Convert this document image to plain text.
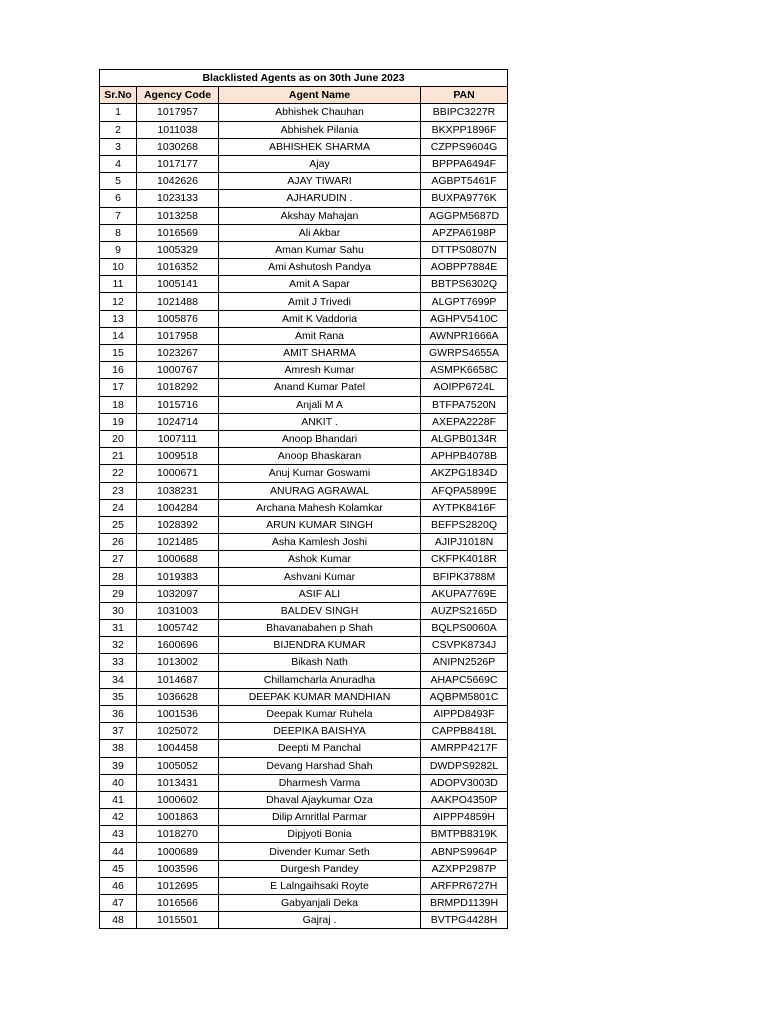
Blacklisted Agents as on 30th June 2023			
Sr.No	Agency Code	Agent Name	PAN
1	1017957	Abhishek Chauhan	BBIPC3227R
2	1011038	Abhishek Pilania	BKXPP1896F
3	1030268	ABHISHEK SHARMA	CZPPS9604G
4	1017177	Ajay	BPPPA6494F
5	1042626	AJAY TIWARI	AGBPT5461F
6	1023133	AJHARUDIN .	BUXPA9776K
7	1013258	Akshay Mahajan	AGGPM5687D
8	1016569	Ali Akbar	APZPA6198P
9	1005329	Aman Kumar Sahu	DTTPS0807N
10	1016352	Ami Ashutosh Pandya	AOBPP7884E
11	1005141	Amit A Sapar	BBTPS6302Q
12	1021488	Amit J Trivedi	ALGPT7699P
13	1005876	Amit K Vaddoria	AGHPV5410C
14	1017958	Amit Rana	AWNPR1666A
15	1023267	AMIT SHARMA	GWRPS4655A
16	1000767	Amresh Kumar	ASMPK6658C
17	1018292	Anand Kumar Patel	AOIPP6724L
18	1015716	Anjali M A	BTFPA7520N
19	1024714	ANKIT .	AXEPA2228F
20	1007111	Anoop Bhandari	ALGPB0134R
21	1009518	Anoop Bhaskaran	APHPB4078B
22	1000671	Anuj Kumar Goswami	AKZPG1834D
23	1038231	ANURAG AGRAWAL	AFQPA5899E
24	1004284	Archana Mahesh Kolamkar	AYTPK8416F
25	1028392	ARUN KUMAR SINGH	BEFPS2820Q
26	1021485	Asha Kamlesh Joshi	AJIPJ1018N
27	1000688	Ashok Kumar	CKFPK4018R
28	1019383	Ashvani Kumar	BFIPK3788M
29	1032097	ASIF ALI	AKUPA7769E
30	1031003	BALDEV SINGH	AUZPS2165D
31	1005742	Bhavanabahen p Shah	BQLPS0060A
32	1600696	BIJENDRA KUMAR	CSVPK8734J
33	1013002	Bikash Nath	ANIPN2526P
34	1014687	Chillamcharla Anuradha	AHAPC5669C
35	1036628	DEEPAK KUMAR MANDHIAN	AQBPM5801C
36	1001536	Deepak Kumar Ruhela	AIPPD8493F
37	1025072	DEEPIKA BAISHYA	CAPPB8418L
38	1004458	Deepti M Panchal	AMRPP4217F
39	1005052	Devang Harshad Shah	DWDPS9282L
40	1013431	Dharmesh Varma	ADOPV3003D
41	1000602	Dhaval Ajaykumar Oza	AAKPO4350P
42	1001863	Dilip Amritlal Parmar	AIPPP4859H
43	1018270	Dipjyoti Bonia	BMTPB8319K
44	1000689	Divender Kumar Seth	ABNPS9964P
45	1003596	Durgesh Pandey	AZXPP2987P
46	1012695	E Lalngaihsaki Royte	ARFPR6727H
47	1016566	Gabyanjali Deka	BRMPD1139H
48	1015501	Gajraj .	BVTPG4428H
